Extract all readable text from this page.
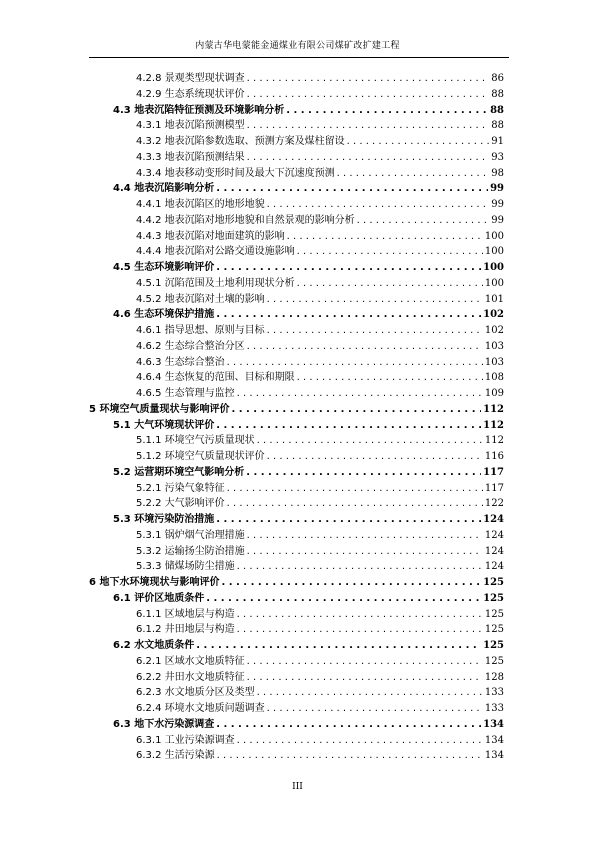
内蒙古华电蒙能金通煤业有限公司煤矿改扩建工程
4.2.8 景观类型现状调查 . . .	86
4.2.9 生态系统现状评价 . . .	88
4.3 地表沉陷特征预测及环境影响分析 . . .	88
4.3.1 地表沉陷预测模型 . . .	88
4.3.2 地表沉陷参数选取、预测方案及煤柱留设 . . .	91
4.3.3 地表沉陷预测结果 . . .	93
4.3.4 地表移动变形时间及最大下沉速度预测 . . .	98
4.4 地表沉陷影响分析 . . .	99
4.4.1 地表沉陷区的地形地貌 . . .	99
4.4.2 地表沉陷对地形地貌和自然景观的影响分析 . . .	99
4.4.3 地表沉陷对地面建筑的影响 . . .	100
4.4.4 地表沉陷对公路交通设施影响 . . .	100
4.5 生态环境影响评价 . . .	100
4.5.1 沉陷范围及土地利用现状分析 . . .	100
4.5.2 地表沉陷对土壤的影响 . . .	101
4.6 生态环境保护措施 . . .	102
4.6.1 指导思想、原则与目标 . . .	102
4.6.2 生态综合整治分区 . . .	103
4.6.3 生态综合整治 . . .	103
4.6.4 生态恢复的范围、目标和期限 . . .	108
4.6.5 生态管理与监控 . . .	109
5 环境空气质量现状与影响评价 . . .	112
5.1 大气环境现状评价 . . .	112
5.1.1 环境空气污质量现状 . . .	112
5.1.2 环境空气质量现状评价 . . .	116
5.2 运营期环境空气影响分析 . . .	117
5.2.1 污染气象特征 . . .	117
5.2.2 大气影响评价 . . .	122
5.3 环境污染防治措施 . . .	124
5.3.1 锅炉烟气治理措施 . . .	124
5.3.2 运输扬尘防治措施 . . .	124
5.3.3 储煤场防尘措施 . . .	124
6 地下水环境现状与影响评价 . . .	125
6.1 评价区地质条件 . . .	125
6.1.1 区域地层与构造 . . .	125
6.1.2 井田地层与构造 . . .	125
6.2 水文地质条件 . . .	125
6.2.1 区域水文地质特征 . . .	125
6.2.2 井田水文地质特征 . . .	128
6.2.3 水文地质分区及类型 . . .	133
6.2.4 环境水文地质问题调查 . . .	133
6.3 地下水污染源调查 . . .	134
6.3.1 工业污染源调查 . . .	134
6.3.2 生活污染源 . . .	134
III
